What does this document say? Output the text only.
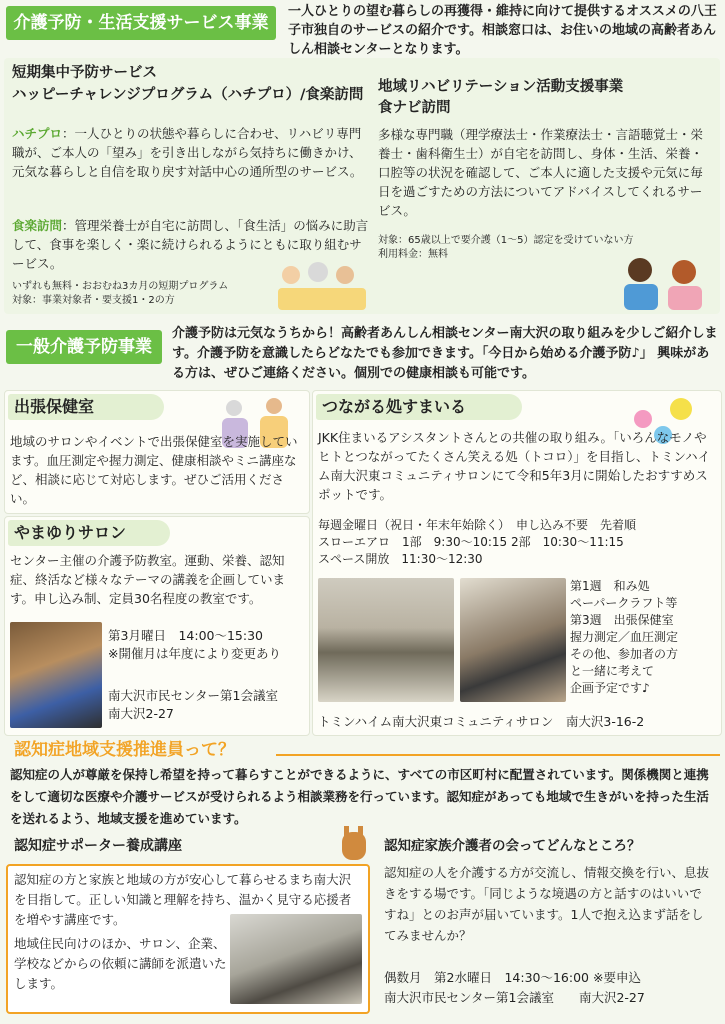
介護予防・生活支援サービス事業

一人ひとりの望む暮らしの再獲得・維持に向けて提供するオススメの八王子市独自のサービスの紹介です。相談窓口は、お住いの地域の高齢者あんしん相談センターとなります。

短期集中予防サービス

ハッピーチャレンジプログラム（ハチプロ）/食楽訪問

ハチプロ：一人ひとりの状態や暮らしに合わせ、リハビリ専門職が、ご本人の「望み」を引き出しながら気持ちに働きかけ、元気な暮らしと自信を取り戻す対話中心の通所型のサービス。

食楽訪問：管理栄養士が自宅に訪問し、「食生活」の悩みに助言して、食事を楽しく・楽に続けられるようにともに取り組むサービス。

いずれも無料・おおむね3カ月の短期プログラム

対象：事業対象者・要支援1・2の方

地域リハビリテーション活動支援事業

食ナビ訪問

多様な専門職（理学療法士・作業療法士・言語聴覚士・栄養士・歯科衛生士）が自宅を訪問し、身体・生活、栄養・口腔等の状況を確認して、ご本人に適した支援や元気に毎日を過ごすための方法についてアドバイスしてくれるサービス。

対象：65歳以上で要介護（1～5）認定を受けていない方

利用料金：無料

一般介護予防事業

介護予防は元気なうちから！高齢者あんしん相談センター南大沢の取り組みを少しご紹介します。介護予防を意識したらどなたでも参加できます。「今日から始める介護予防♪」 興味がある方は、ぜひご連絡ください。個別での健康相談も可能です。

出張保健室

地域のサロンやイベントで出張保健室を実施しています。血圧測定や握力測定、健康相談やミニ講座など、相談に応じて対応します。ぜひご活用ください。

やまゆりサロン

センター主催の介護予防教室。運動、栄養、認知症、終活など様々なテーマの講義を企画しています。申し込み制、定員30名程度の教室です。

第3月曜日　14:00～15:30

※開催月は年度により変更あり

南大沢市民センター第1会議室

南大沢2-27

つながる処すまいる

JKK住まいるアシスタントさんとの共催の取り組み。「いろんなモノやヒトとつながってたくさん笑える処（トコロ）」を目指し、トミンハイム南大沢東コミュニティサロンにて令和5年3月に開始したおすすめスポットです。

毎週金曜日（祝日・年末年始除く）　申し込み不要　先着順

スローエアロ　1部　9:30～10:15 2部　10:30～11:15

スペース開放　11:30～12:30

第1週　和み処

ペーパークラフト等

第3週　出張保健室

握力測定／血圧測定

その他、参加者の方

と一緒に考えて

企画予定です♪

トミンハイム南大沢東コミュニティサロン　南大沢3-16-2

認知症地域支援推進員って？

認知症の人が尊厳を保持し希望を持って暮らすことができるように、すべての市区町村に配置されています。関係機関と連携をして適切な医療や介護サービスが受けられるよう相談業務を行っています。認知症があっても地域で生きがいを持った生活を送れるよう、地域支援を進めています。

認知症サポーター養成講座

認知症の方と家族と地域の方が安心して暮らせるまち南大沢を目指して。正しい知識と理解を持ち、温かく見守る応援者を増やす講座です。

地域住民向けのほか、サロン、企業、学校などからの依頼に講師を派遣いたします。

認知症家族介護者の会ってどんなところ？

認知症の人を介護する方が交流し、情報交換を行い、息抜きをする場です。「同じような境遇の方と話すのはいいですね」とのお声が届いています。1人で抱え込まず話をしてみませんか？

偶数月　第2水曜日　14:30～16:00 ※要申込

南大沢市民センター第1会議室　　南大沢2-27
